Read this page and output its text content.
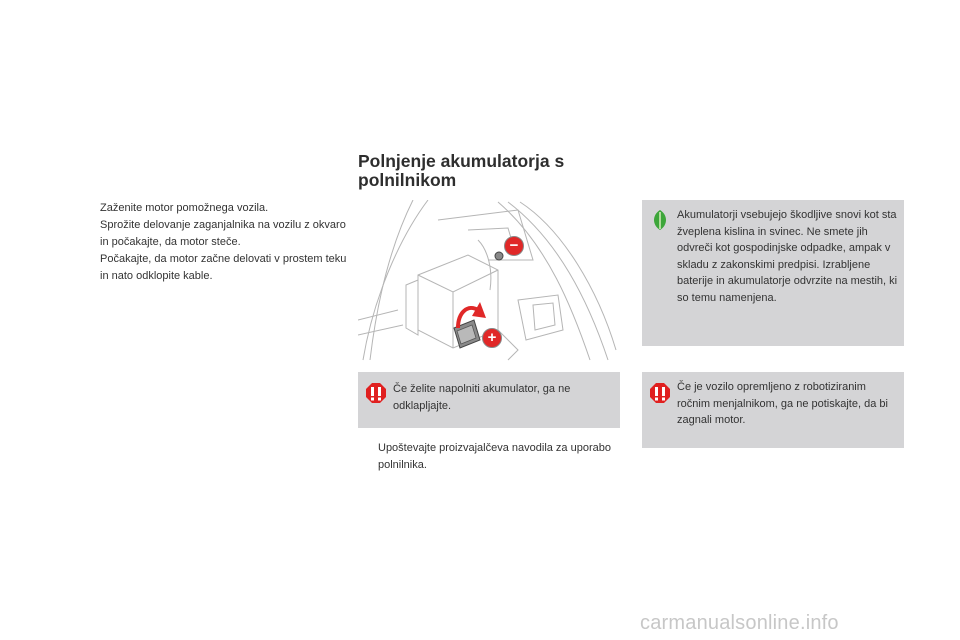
Zaženite motor pomožnega vozila.
Sprožite delovanje zaganjalnika na vozilu z okvaro in počakajte, da motor steče.
Počakajte, da motor začne delovati v prostem teku in nato odklopite kable.
Polnjenje akumulatorja s polnilnikom
−
+
Če želite napolniti akumulator, ga ne odklapljajte.
Upoštevajte proizvajalčeva navodila za uporabo polnilnika.
Akumulatorji vsebujejo škodljive snovi kot sta žveplena kislina in svinec. Ne smete jih odvreči kot gospodinjske odpadke, ampak v skladu z zakonskimi predpisi. Izrabljene baterije in akumulatorje odvrzite na mestih, ki so temu namenjena.
Če je vozilo opremljeno z robotiziranim ročnim menjalnikom, ga ne potiskajte, da bi zagnali motor.
carmanualsonline.info
